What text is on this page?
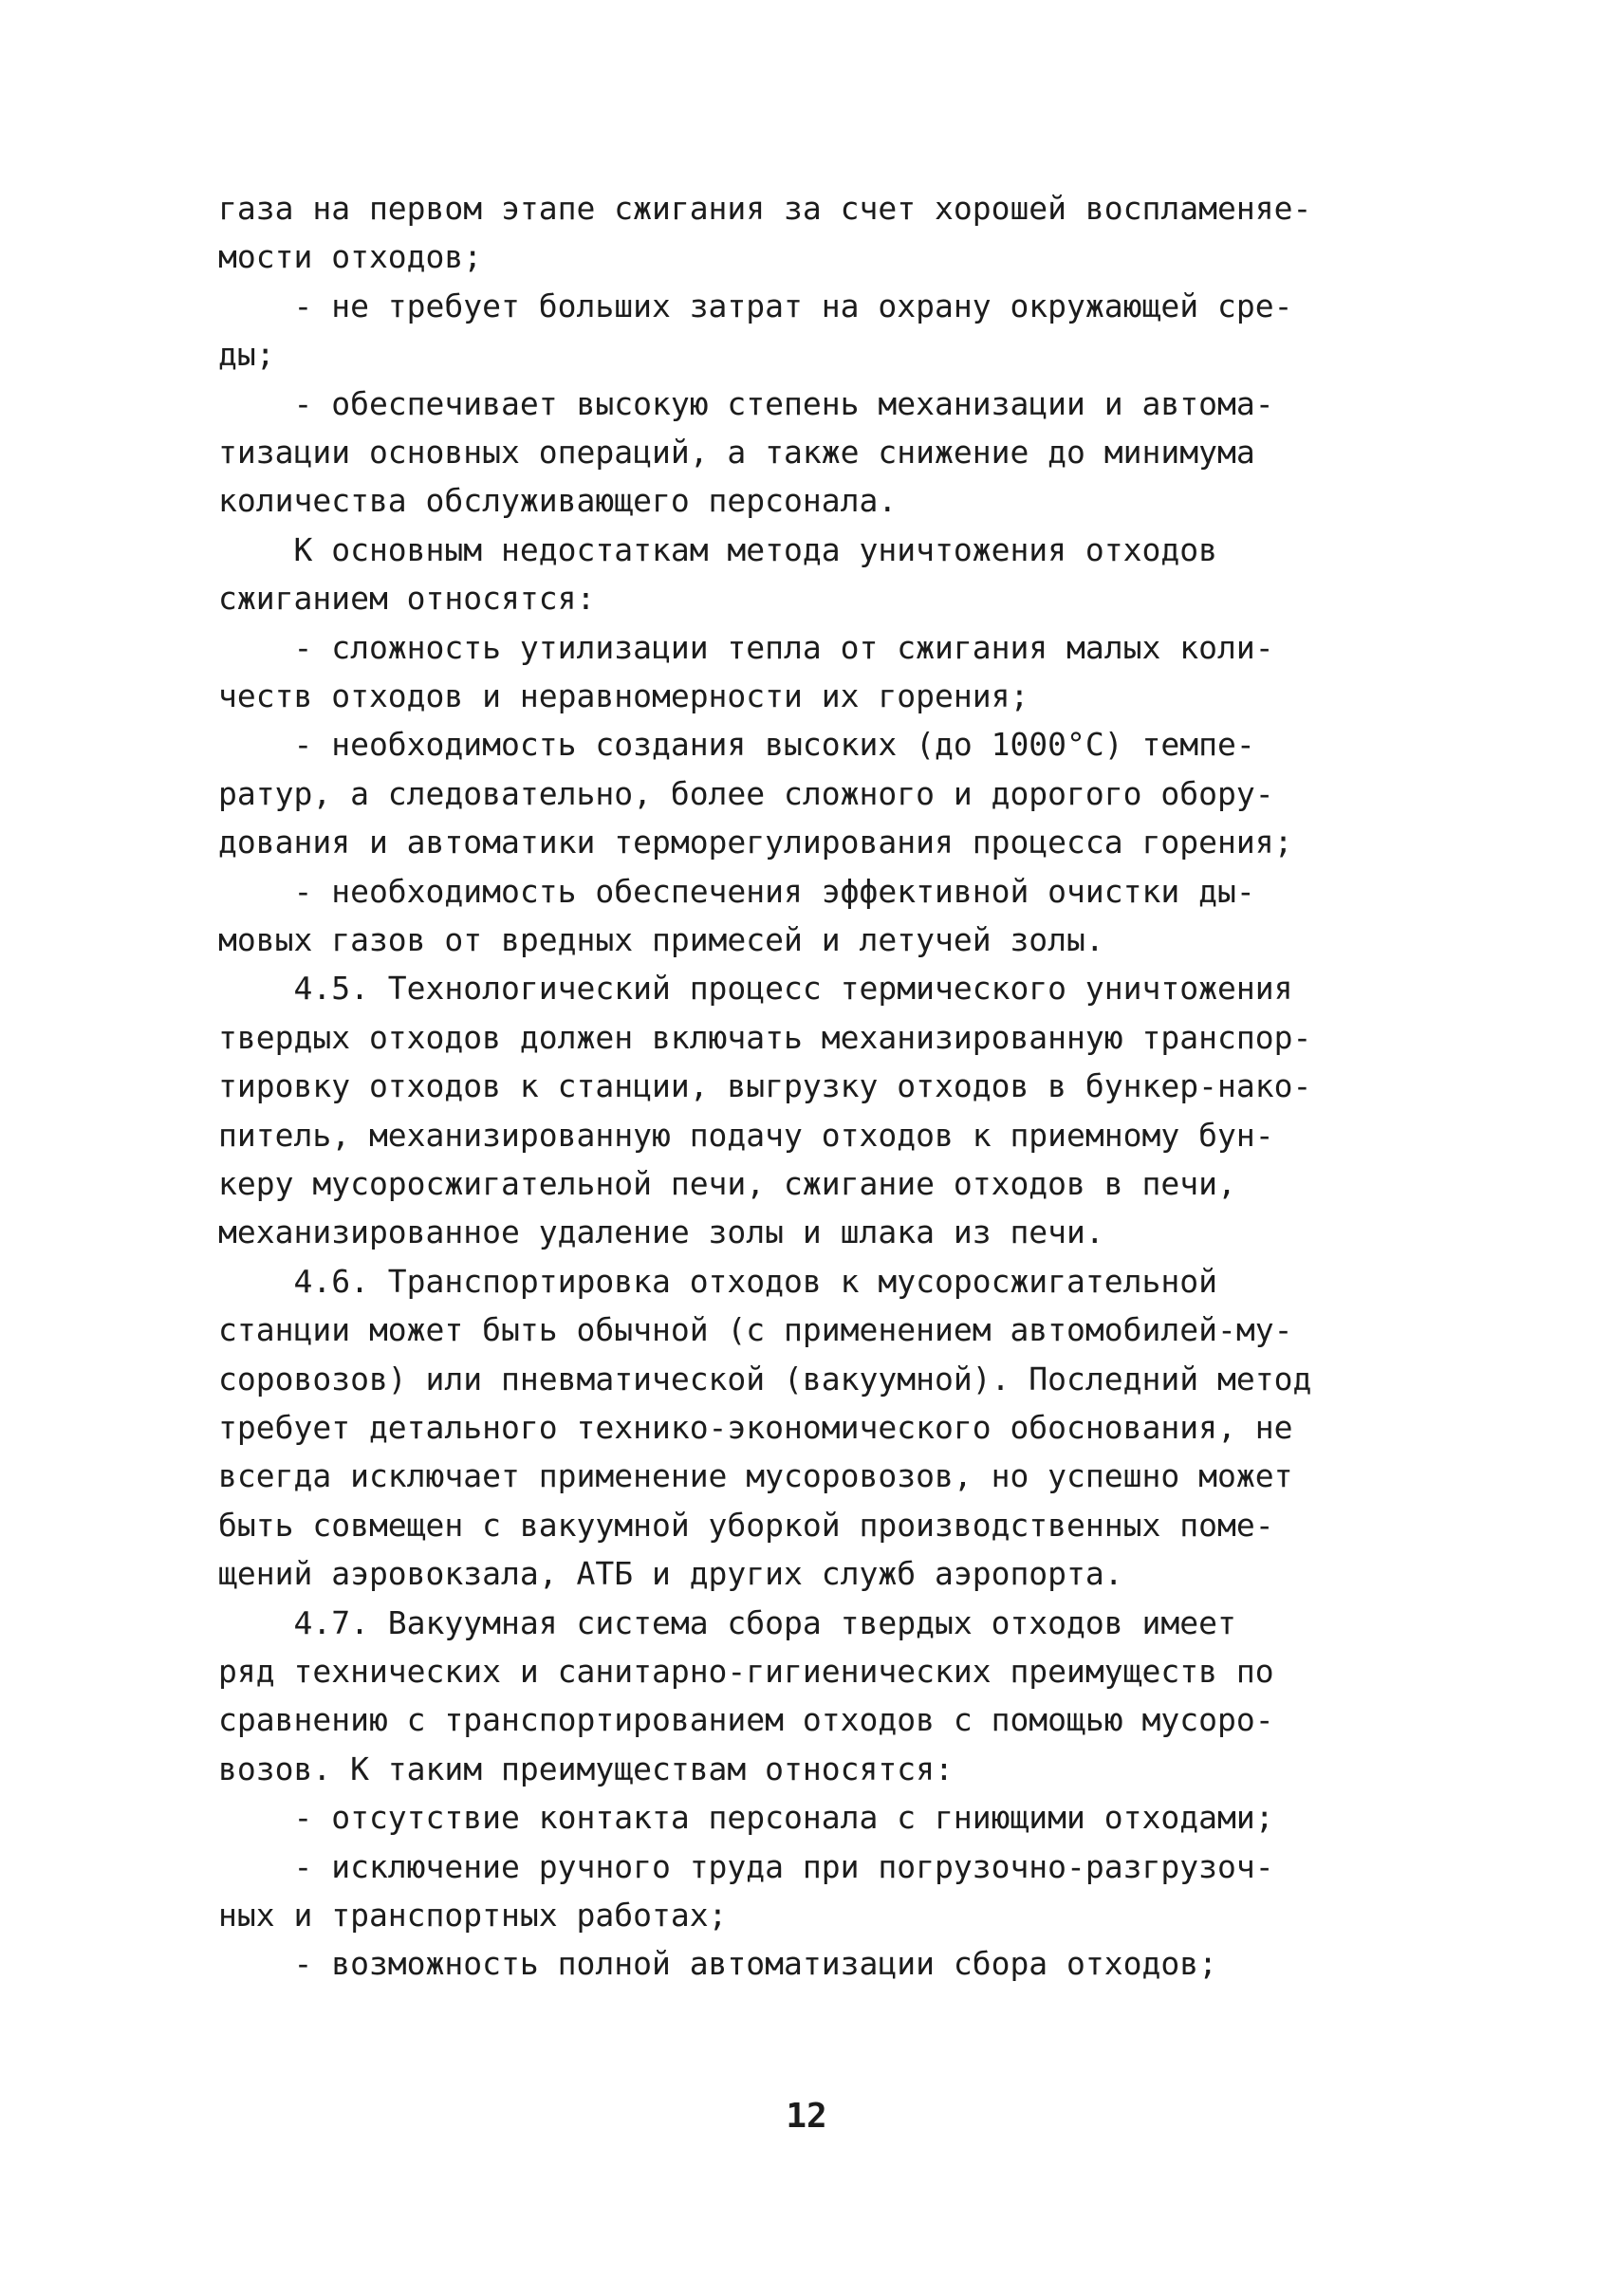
газа на первом этапе сжигания за счет хорошей воспламеняе-
мости отходов;
- не требует больших затрат на охрану окружающей сре-
ды;
- обеспечивает высокую степень механизации и автома-
тизации основных операций, а также снижение до минимума
количества обслуживающего персонала.
К основным недостаткам метода уничтожения отходов
сжиганием относятся:
- сложность утилизации тепла от сжигания малых коли-
честв отходов и неравномерности их горения;
- необходимость создания высоких (до 1000°С) темпе-
ратур, а следовательно, более сложного и дорогого обору-
дования и автоматики терморегулирования процесса горения;
- необходимость обеспечения эффективной очистки ды-
мовых газов от вредных примесей и летучей золы.
4.5. Технологический процесс термического уничтожения
твердых отходов должен включать механизированную транспор-
тировку отходов к станции, выгрузку отходов в бункер-нако-
питель, механизированную подачу отходов к приемному бун-
керу мусоросжигательной печи, сжигание отходов в печи,
механизированное удаление золы и шлака из печи.
4.6. Транспортировка отходов к мусоросжигательной
станции может быть обычной (с применением автомобилей-му-
соровозов) или пневматической (вакуумной). Последний метод
требует детального технико-экономического обоснования, не
всегда исключает применение мусоровозов, но успешно может
быть совмещен с вакуумной уборкой производственных поме-
щений аэровокзала, АТБ и других служб аэропорта.
4.7. Вакуумная система сбора твердых отходов имеет
ряд технических и санитарно-гигиенических преимуществ по
сравнению с транспортированием отходов с помощью мусоро-
возов. К таким преимуществам относятся:
- отсутствие контакта персонала с гниющими отходами;
- исключение ручного труда при погрузочно-разгрузоч-
ных и транспортных работах;
- возможность полной автоматизации сбора отходов;
12
